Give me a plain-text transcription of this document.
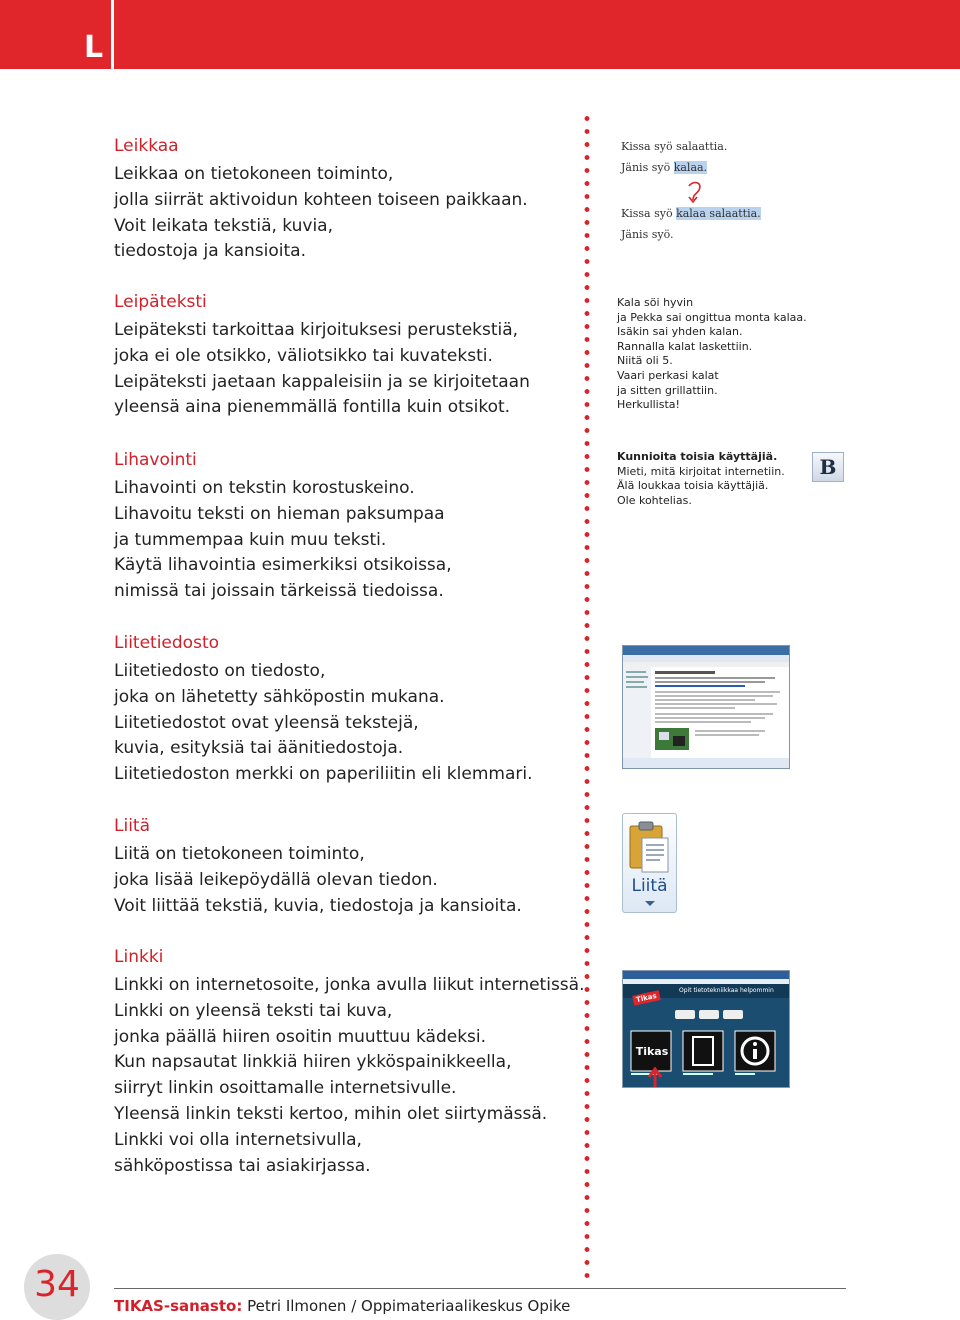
L
Leikkaa
Leikkaa on tietokoneen toiminto,
jolla siirrät aktivoidun kohteen toiseen paikkaan.
Voit leikata tekstiä, kuvia,
tiedostoja ja kansioita.
Leipäteksti
Leipäteksti tarkoittaa kirjoituksesi perustekstiä,
joka ei ole otsikko, väliotsikko tai kuvateksti.
Leipäteksti jaetaan kappaleisiin ja se kirjoitetaan
yleensä aina pienemmällä fontilla kuin otsikot.
Lihavointi
Lihavointi on tekstin korostuskeino.
Lihavoitu teksti on hieman paksumpaa
ja tummempaa kuin muu teksti.
Käytä lihavointia esimerkiksi otsikoissa,
nimissä tai joissain tärkeissä tiedoissa.
Liitetiedosto
Liitetiedosto on tiedosto,
joka on lähetetty sähköpostin mukana.
Liitetiedostot ovat yleensä tekstejä,
kuvia, esityksiä tai äänitiedostoja.
Liitetiedoston merkki on paperiliitin eli klemmari.
Liitä
Liitä on tietokoneen toiminto,
joka lisää leikepöydällä olevan tiedon.
Voit liittää tekstiä, kuvia, tiedostoja ja kansioita.
Linkki
Linkki on internetosoite, jonka avulla liikut internetissä.
Linkki on yleensä teksti tai kuva,
jonka päällä hiiren osoitin muuttuu kädeksi.
Kun napsautat linkkiä hiiren ykköspainikkeella,
siirryt linkin osoittamalle internetsivulle.
Yleensä linkin teksti kertoo, mihin olet siirtymässä.
Linkki voi olla internetsivulla,
sähköpostissa tai asiakirjassa.
Kissa syö salaattia.
Jänis syö kalaa.
Kissa syö kalaa salaattia.
Jänis syö.
Kala söi hyvin
ja Pekka sai ongittua monta kalaa.
Isäkin sai yhden kalan.
Rannalla kalat laskettiin.
Niitä oli 5.
Vaari perkasi kalat
ja sitten grillattiin.
Herkullista!
Kunnioita toisia käyttäjiä.
Mieti, mitä kirjoitat internetiin.
Älä loukkaa toisia käyttäjiä.
Ole kohtelias.
B
Liitä
Tikas
Opit tietotekniikkaa helpommin
Tikas
34
TIKAS-sanasto: Petri Ilmonen / Oppimateriaalikeskus Opike
